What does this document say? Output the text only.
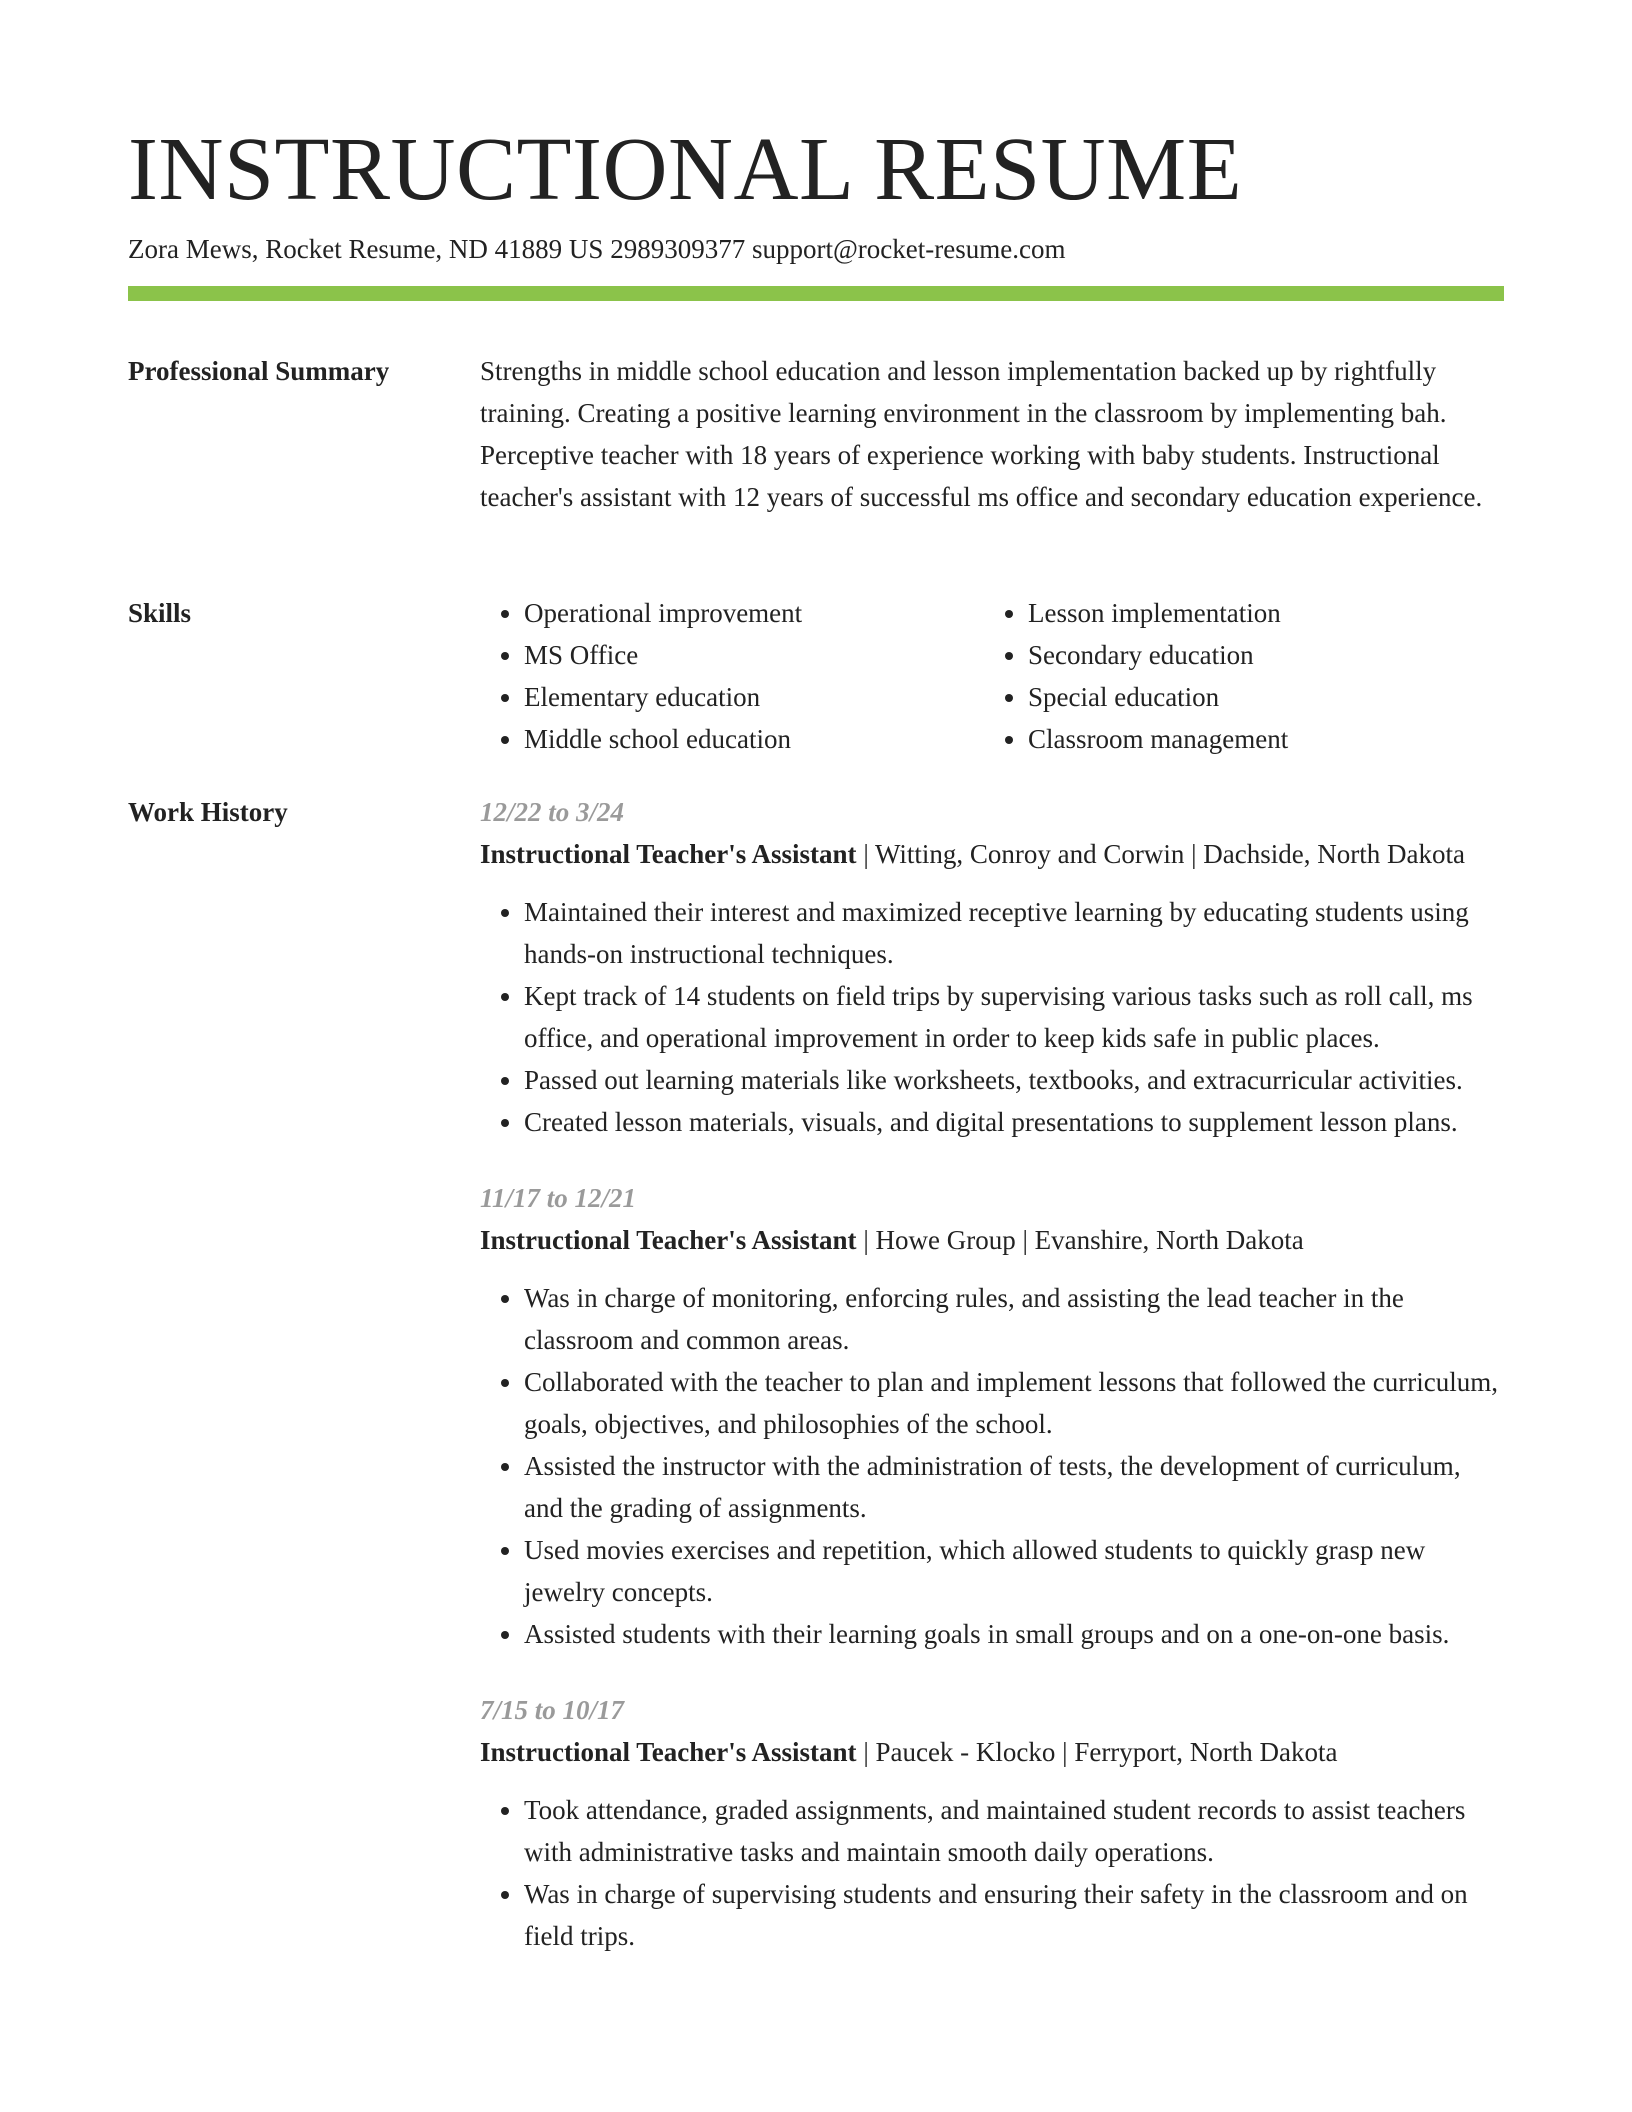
INSTRUCTIONAL RESUME
Zora Mews, Rocket Resume, ND 41889 US 2989309377 support@rocket-resume.com
Professional Summary	Strengths in middle school education and lesson implementation backed up by rightfully training. Creating a positive learning environment in the classroom by implementing bah. Perceptive teacher with 18 years of experience working with baby students. Instructional teacher's assistant with 12 years of successful ms office and secondary education experience.

Skills
•	Operational improvement
• MS Office
• Elementary education
• Middle school education
• Lesson implementation
• Secondary education
• Special education
• Classroom management
Work History	12/22 to 3/24
Instructional Teacher's Assistant | Witting, Conroy and Corwin | Dachside, North Dakota
• Maintained their interest and maximized receptive learning by educating students using hands-on instructional techniques.
• Kept track of 14 students on field trips by supervising various tasks such as roll call, ms office, and operational improvement in order to keep kids safe in public places.
• Passed out learning materials like worksheets, textbooks, and extracurricular activities.
• Created lesson materials, visuals, and digital presentations to supplement lesson plans.
11/17 to 12/21
Instructional Teacher's Assistant | Howe Group | Evanshire, North Dakota
• Was in charge of monitoring, enforcing rules, and assisting the lead teacher in the classroom and common areas.
• Collaborated with the teacher to plan and implement lessons that followed the curriculum, goals, objectives, and philosophies of the school.
• Assisted the instructor with the administration of tests, the development of curriculum, and the grading of assignments.
• Used movies exercises and repetition, which allowed students to quickly grasp new jewelry concepts.
• Assisted students with their learning goals in small groups and on a one-on-one basis.
7/15 to 10/17
Instructional Teacher's Assistant | Paucek - Klocko | Ferryport, North Dakota
• Took attendance, graded assignments, and maintained student records to assist teachers with administrative tasks and maintain smooth daily operations.
• Was in charge of supervising students and ensuring their safety in the classroom and on field trips.
